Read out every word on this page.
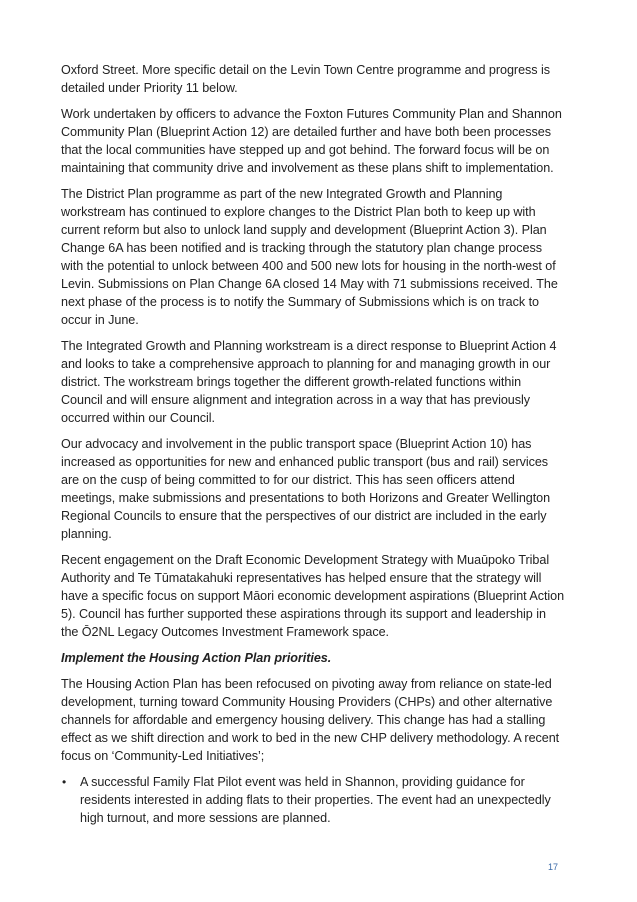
Oxford Street. More specific detail on the Levin Town Centre programme and progress is detailed under Priority 11 below.

Work undertaken by officers to advance the Foxton Futures Community Plan and Shannon Community Plan (Blueprint Action 12) are detailed further and have both been processes that the local communities have stepped up and got behind. The forward focus will be on maintaining that community drive and involvement as these plans shift to implementation.

The District Plan programme as part of the new Integrated Growth and Planning workstream has continued to explore changes to the District Plan both to keep up with current reform but also to unlock land supply and development (Blueprint Action 3). Plan Change 6A has been notified and is tracking through the statutory plan change process with the potential to unlock between 400 and 500 new lots for housing in the north-west of Levin. Submissions on Plan Change 6A closed 14 May with 71 submissions received. The next phase of the process is to notify the Summary of Submissions which is on track to occur in June.

The Integrated Growth and Planning workstream is a direct response to Blueprint Action 4 and looks to take a comprehensive approach to planning for and managing growth in our district. The workstream brings together the different growth-related functions within Council and will ensure alignment and integration across in a way that has previously occurred within our Council.

Our advocacy and involvement in the public transport space (Blueprint Action 10) has increased as opportunities for new and enhanced public transport (bus and rail) services are on the cusp of being committed to for our district. This has seen officers attend meetings, make submissions and presentations to both Horizons and Greater Wellington Regional Councils to ensure that the perspectives of our district are included in the early planning.

Recent engagement on the Draft Economic Development Strategy with Muaūpoko Tribal Authority and Te Tūmatakahuki representatives has helped ensure that the strategy will have a specific focus on support Māori economic development aspirations (Blueprint Action 5). Council has further supported these aspirations through its support and leadership in the Ō2NL Legacy Outcomes Investment Framework space.

Implement the Housing Action Plan priorities.

The Housing Action Plan has been refocused on pivoting away from reliance on state-led development, turning toward Community Housing Providers (CHPs) and other alternative channels for affordable and emergency housing delivery. This change has had a stalling effect as we shift direction and work to bed in the new CHP delivery methodology. A recent focus on ‘Community-Led Initiatives’;

• A successful Family Flat Pilot event was held in Shannon, providing guidance for residents interested in adding flats to their properties. The event had an unexpectedly high turnout, and more sessions are planned.
17
